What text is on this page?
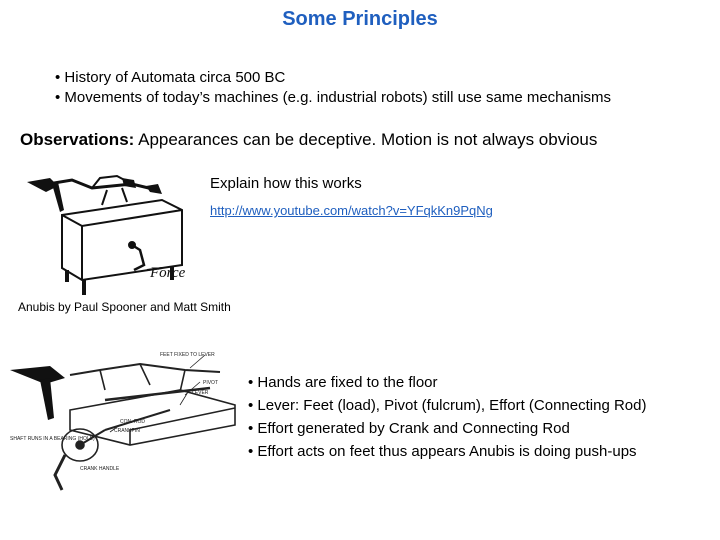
Some Principles
• History of Automata circa 500 BC
• Movements of today’s machines (e.g. industrial robots) still use same mechanisms
Observations: Appearances can be deceptive. Motion is not always obvious
Force
Explain how this works
http://www.youtube.com/watch?v=YFqkKn9PqNg
Anubis by Paul Spooner and Matt Smith
FEET FIXED TO LEVER
PIVOT
LEVER
CON. ROD
CRANKPIN
SHAFT RUNS IN A BEARING (HOLE)
CRANK HANDLE
• Hands are fixed to the floor
• Lever: Feet (load), Pivot (fulcrum), Effort (Connecting Rod)
• Effort generated by Crank and Connecting Rod
• Effort acts on feet thus appears Anubis is doing push-ups
